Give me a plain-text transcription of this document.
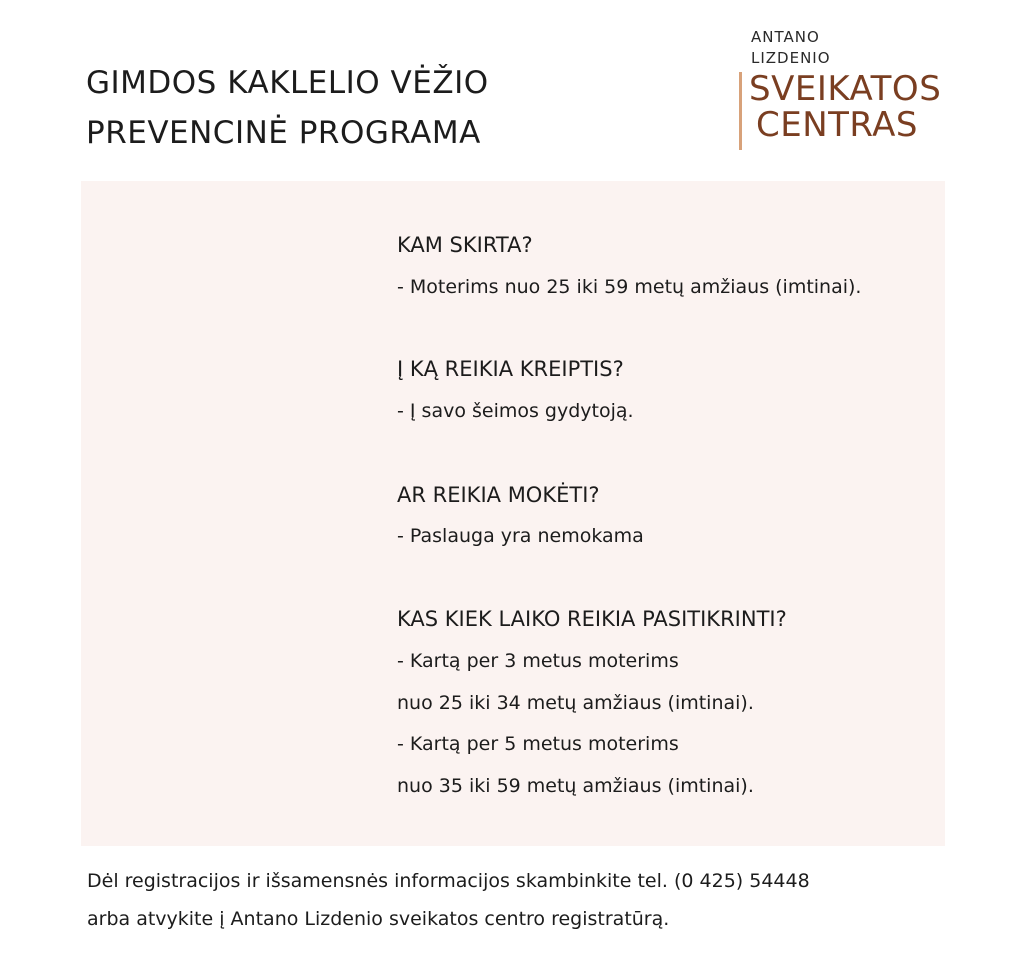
GIMDOS KAKLELIO VĖŽIO
PREVENCINĖ PROGRAMA
ANTANO
LIZDENIO
SVEIKATOS
CENTRAS
KAM SKIRTA?

- Moterims nuo 25 iki 59 metų amžiaus (imtinai).

Į KĄ REIKIA KREIPTIS?

- Į savo šeimos gydytoją.

AR REIKIA MOKĖTI?

- Paslauga yra nemokama

KAS KIEK LAIKO REIKIA PASITIKRINTI?

- Kartą per 3 metus moterims

nuo 25 iki 34 metų amžiaus (imtinai).

- Kartą per 5 metus moterims

nuo 35 iki 59 metų amžiaus (imtinai).

Dėl registracijos ir išsamensnės informacijos skambinkite tel. (0 425) 54448

arba atvykite į Antano Lizdenio sveikatos centro registratūrą.
